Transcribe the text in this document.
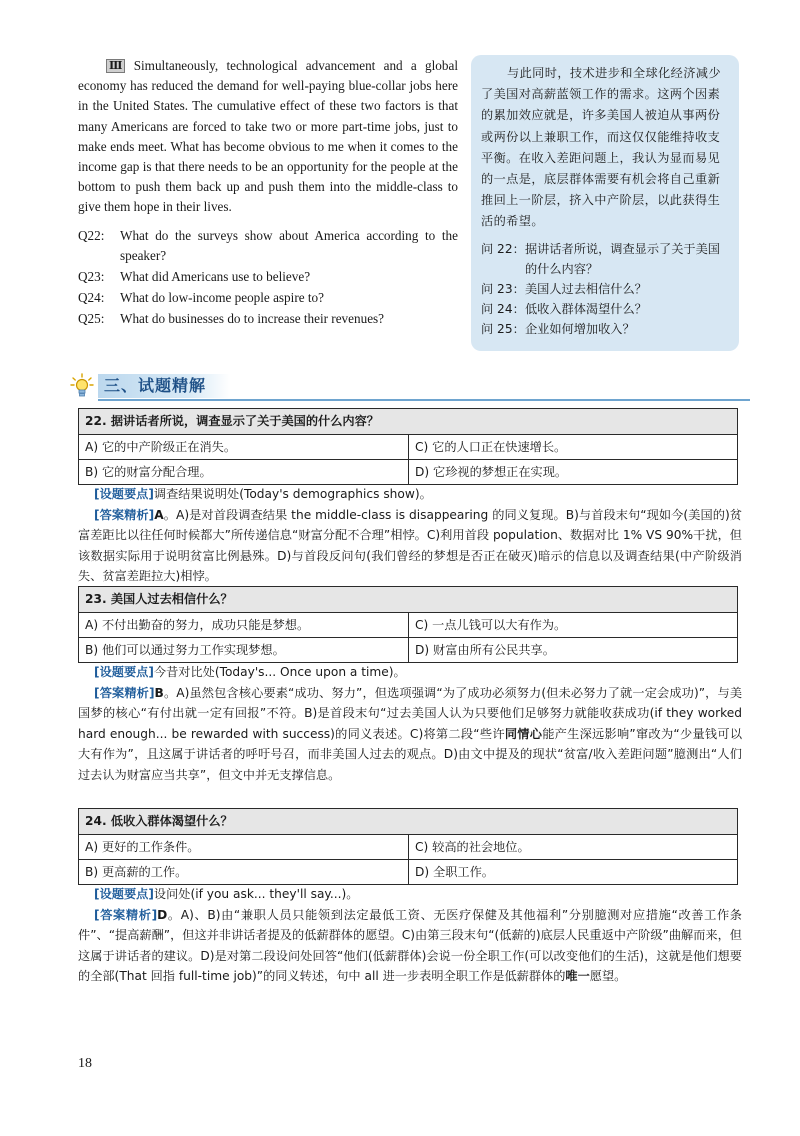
Ⅲ Simultaneously, technological advancement and a global economy has reduced the demand for well-paying blue-collar jobs here in the United States. The cumulative effect of these two factors is that many Americans are forced to take two or more part-time jobs, just to make ends meet. What has become obvious to me when it comes to the income gap is that there needs to be an opportunity for the people at the bottom to push them back up and push them into the middle-class to give them hope in their lives.

Q22: What do the surveys show about America according to the speaker?
Q23: What did Americans use to believe?
Q24: What do low-income people aspire to?
Q25: What do businesses do to increase their revenues?

与此同时，技术进步和全球化经济减少了美国对高薪蓝领工作的需求。这两个因素的累加效应就是，许多美国人被迫从事两份或两份以上兼职工作，而这仅仅能维持收支平衡。在收入差距问题上，我认为显而易见的一点是，底层群体需要有机会将自己重新推回上一阶层，挤入中产阶层，以此获得生活的希望。

问 22： 据讲话者所说，调查显示了关于美国的什么内容？
问 23： 美国人过去相信什么？
问 24： 低收入群体渴望什么？
问 25： 企业如何增加收入？
三、试题精解
22. 据讲话者所说，调查显示了关于美国的什么内容？
A) 它的中产阶级正在消失。	C) 它的人口正在快速增长。
B) 它的财富分配合理。	D) 它珍视的梦想正在实现。
[设题要点]调查结果说明处(Today's demographics show)。
[答案精析]A。A)是对首段调查结果 the middle-class is disappearing 的同义复现。B)与首段末句“现如今(美国的)贫富差距比以往任何时候都大”所传递信息“财富分配不合理”相悖。C)利用首段 population、数据对比 1% VS 90%干扰，但该数据实际用于说明贫富比例悬殊。D)与首段反问句(我们曾经的梦想是否正在破灭)暗示的信息以及调查结果(中产阶级消失、贫富差距拉大)相悖。
23. 美国人过去相信什么？
A) 不付出勤奋的努力，成功只能是梦想。	C) 一点儿钱可以大有作为。
B) 他们可以通过努力工作实现梦想。	D) 财富由所有公民共享。
[设题要点]今昔对比处(Today's... Once upon a time)。
[答案精析]B。A)虽然包含核心要素“成功、努力”，但选项强调“为了成功必须努力(但未必努力了就一定会成功)”，与美国梦的核心“有付出就一定有回报”不符。B)是首段末句“过去美国人认为只要他们足够努力就能收获成功(if they worked hard enough... be rewarded with success)的同义表述。C)将第二段“些许同情心能产生深远影响”窜改为“少量钱可以大有作为”，且这属于讲话者的呼吁号召，而非美国人过去的观点。D)由文中提及的现状“贫富/收入差距问题”臆测出“人们过去认为财富应当共享”，但文中并无支撑信息。
24. 低收入群体渴望什么？
A) 更好的工作条件。	C) 较高的社会地位。
B) 更高薪的工作。	D) 全职工作。
[设题要点]设问处(if you ask... they'll say...)。
[答案精析]D。A)、B)由“兼职人员只能领到法定最低工资、无医疗保健及其他福利”分别臆测对应措施“改善工作条件”、“提高薪酬”，但这并非讲话者提及的低薪群体的愿望。C)由第三段末句“(低薪的)底层人民重返中产阶级”曲解而来，但这属于讲话者的建议。D)是对第二段设问处回答“他们(低薪群体)会说一份全职工作(可以改变他们的生活)，这就是他们想要的全部(That 回指 full-time job)”的同义转述，句中 all 进一步表明全职工作是低薪群体的唯一愿望。
18
